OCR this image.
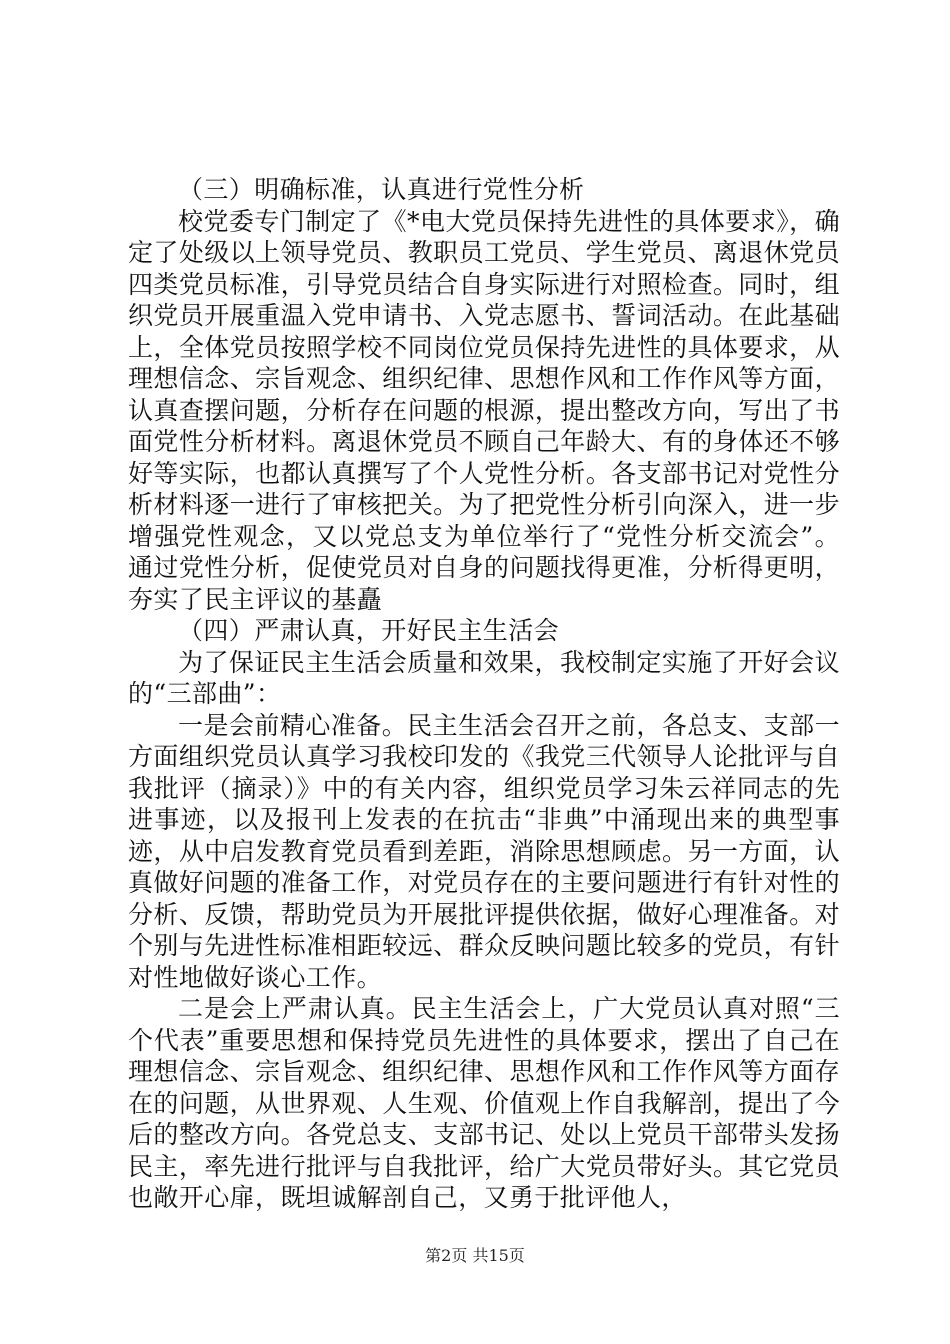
（三）明确标准，认真进行党性分析

校党委专门制定了《*电大党员保持先进性的具体要求》，确定了处级以上领导党员、教职员工党员、学生党员、离退休党员四类党员标准，引导党员结合自身实际进行对照检查。同时，组织党员开展重温入党申请书、入党志愿书、誓词活动。在此基础上，全体党员按照学校不同岗位党员保持先进性的具体要求，从理想信念、宗旨观念、组织纪律、思想作风和工作作风等方面，认真查摆问题，分析存在问题的根源，提出整改方向，写出了书面党性分析材料。离退休党员不顾自己年龄大、有的身体还不够好等实际，也都认真撰写了个人党性分析。各支部书记对党性分析材料逐一进行了审核把关。为了把党性分析引向深入，进一步增强党性观念，又以党总支为单位举行了“党性分析交流会”。通过党性分析，促使党员对自身的问题找得更准，分析得更明，夯实了民主评议的基矗

（四）严肃认真，开好民主生活会

为了保证民主生活会质量和效果，我校制定实施了开好会议的“三部曲”：

一是会前精心准备。民主生活会召开之前，各总支、支部一方面组织党员认真学习我校印发的《我党三代领导人论批评与自我批评（摘录）》中的有关内容，组织党员学习朱云祥同志的先进事迹，以及报刊上发表的在抗击“非典”中涌现出来的典型事迹，从中启发教育党员看到差距，消除思想顾虑。另一方面，认真做好问题的准备工作，对党员存在的主要问题进行有针对性的分析、反馈，帮助党员为开展批评提供依据，做好心理准备。对个别与先进性标准相距较远、群众反映问题比较多的党员，有针对性地做好谈心工作。

二是会上严肃认真。民主生活会上，广大党员认真对照“三个代表”重要思想和保持党员先进性的具体要求，摆出了自己在理想信念、宗旨观念、组织纪律、思想作风和工作作风等方面存在的问题，从世界观、人生观、价值观上作自我解剖，提出了今后的整改方向。各党总支、支部书记、处以上党员干部带头发扬民主，率先进行批评与自我批评，给广大党员带好头。其它党员也敞开心扉，既坦诚解剖自己，又勇于批评他人，

第2页 共15页
